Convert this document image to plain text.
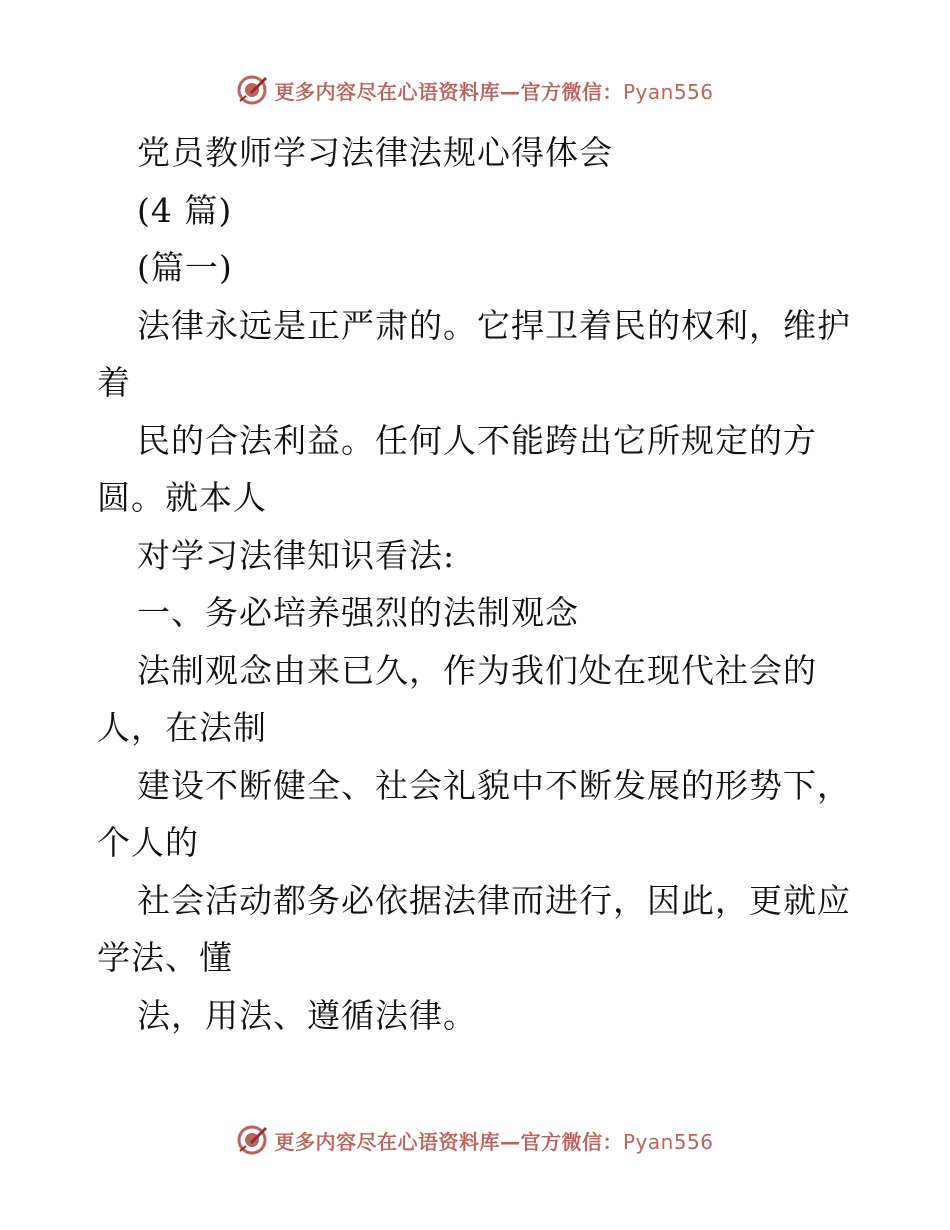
更多内容尽在心语资料库—官方微信：Pyan556
党员教师学习法律法规心得体会
(4 篇)
(篇一)
法律永远是正严肃的。它捍卫着民的权利，维护
着
民的合法利益。任何人不能跨出它所规定的方
圆。就本人
对学习法律知识看法:
一、务必培养强烈的法制观念
法制观念由来已久，作为我们处在现代社会的
人，在法制
建设不断健全、社会礼貌中不断发展的形势下，
个人的
社会活动都务必依据法律而进行，因此，更就应
学法、懂
法，用法、遵循法律。
更多内容尽在心语资料库—官方微信：Pyan556
